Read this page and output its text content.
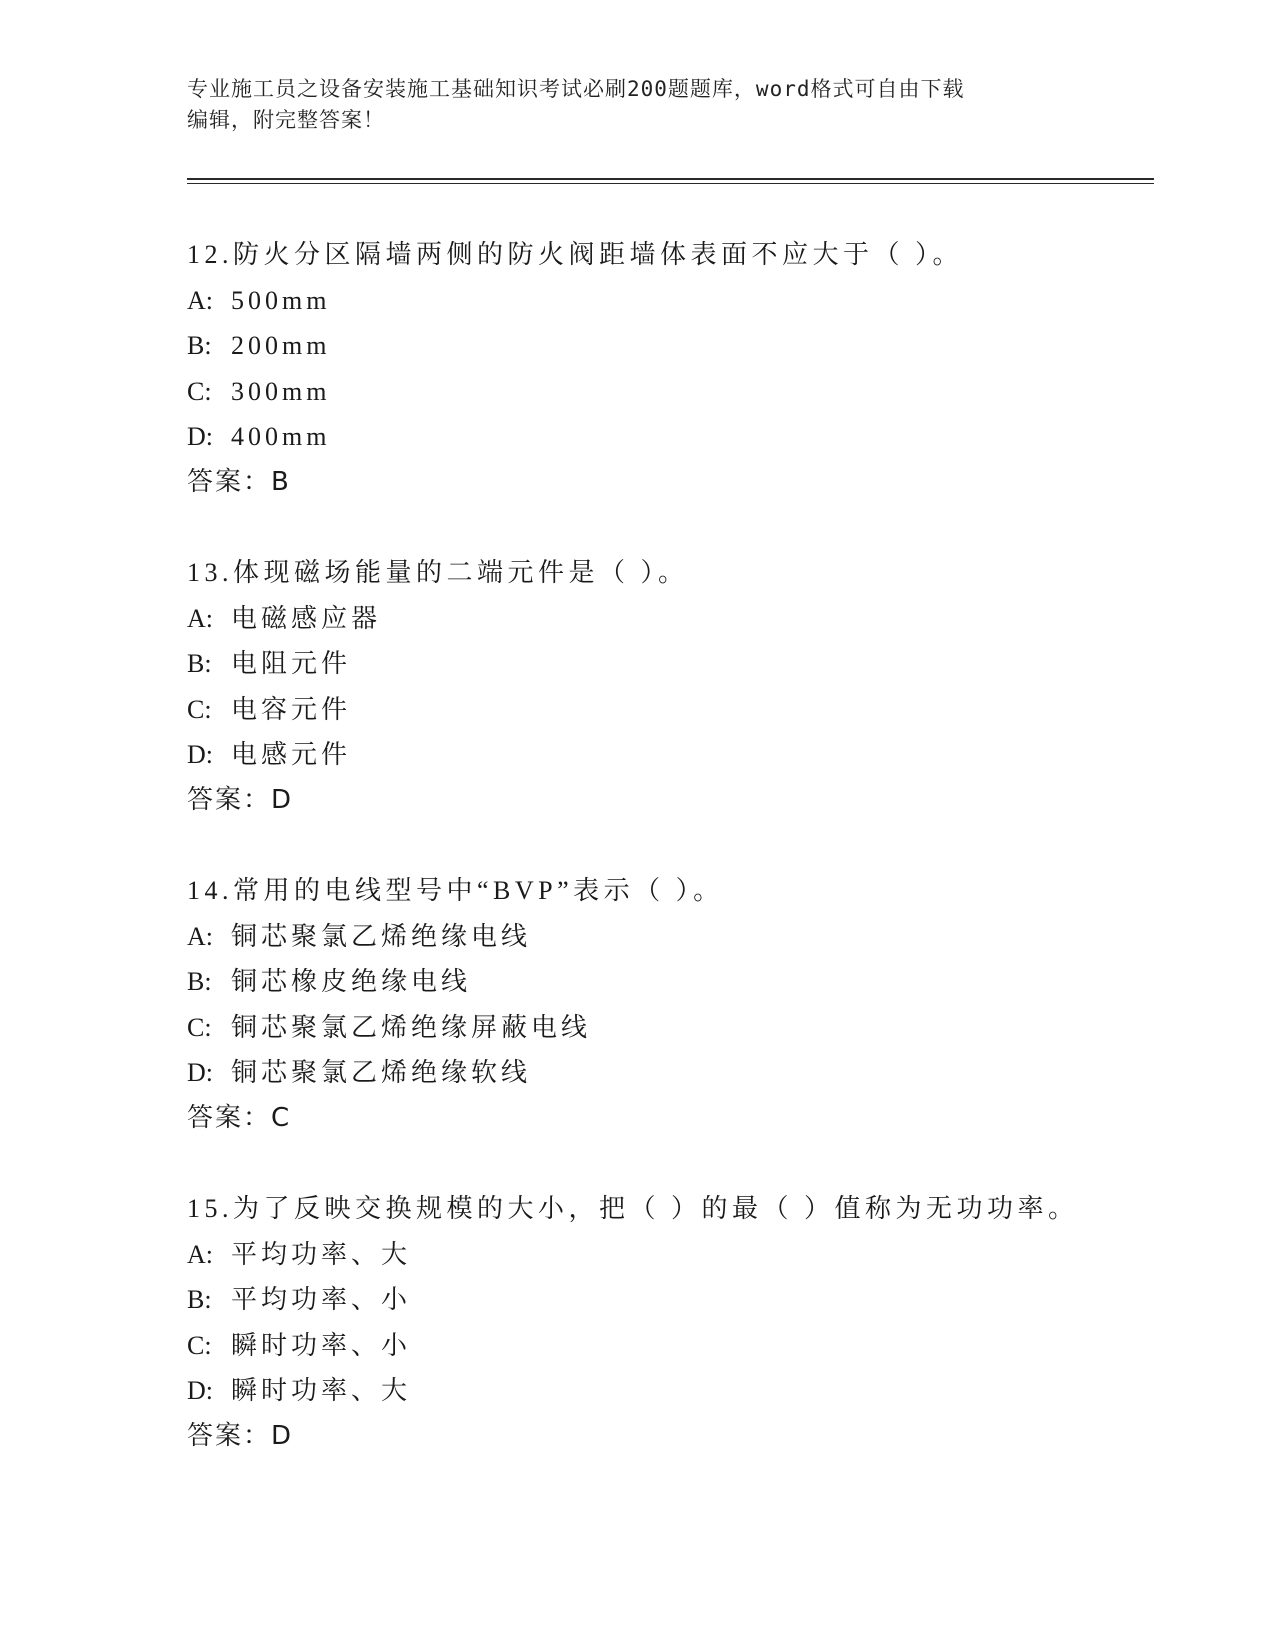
专业施工员之设备安装施工基础知识考试必刷200题题库，word格式可自由下载
编辑，附完整答案！
12.防火分区隔墙两侧的防火阀距墙体表面不应大于（ ）。
A: 500mm
B: 200mm
C: 300mm
D: 400mm
答案：B
13.体现磁场能量的二端元件是（ ）。
A: 电磁感应器
B: 电阻元件
C: 电容元件
D: 电感元件
答案：D
14.常用的电线型号中“BVP”表示（ ）。
A: 铜芯聚氯乙烯绝缘电线
B: 铜芯橡皮绝缘电线
C: 铜芯聚氯乙烯绝缘屏蔽电线
D: 铜芯聚氯乙烯绝缘软线
答案：C
15.为了反映交换规模的大小，把（ ）的最（ ）值称为无功功率。
A: 平均功率、大
B: 平均功率、小
C: 瞬时功率、小
D: 瞬时功率、大
答案：D
